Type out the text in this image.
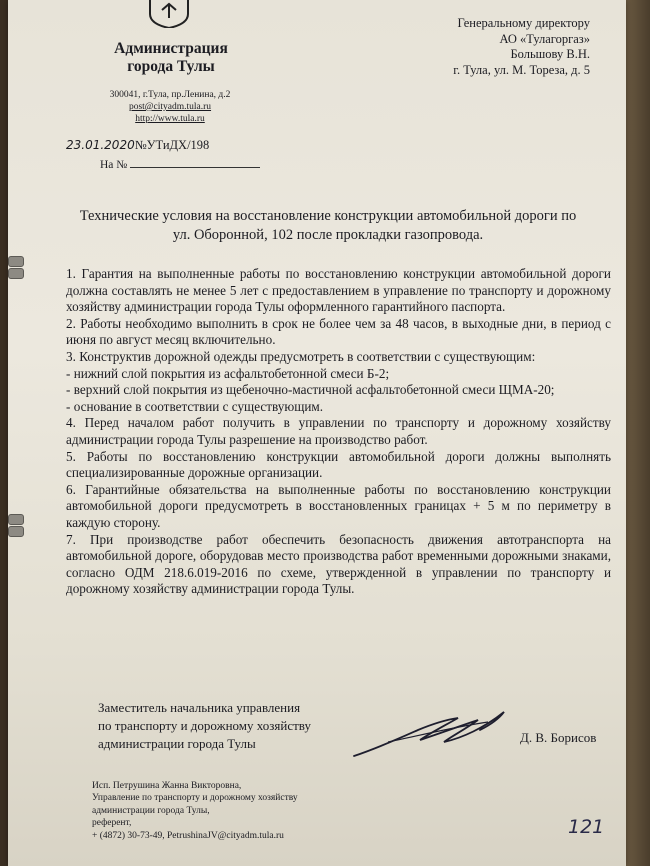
Администрация
города Тулы
300041, г.Тула, пр.Ленина, д.2
post@cityadm.tula.ru
http://www.tula.ru
Генеральному директору
АО «Тулагоргаз»
Большову В.Н.
г. Тула, ул. М. Тореза, д. 5
23.01.2020№УТиДХ/198
На №
Технические условия на восстановление конструкции автомобильной дороги по
ул. Оборонной, 102 после прокладки газопровода.

1. Гарантия на выполненные работы по восстановлению конструкции автомобильной дороги должна составлять не менее 5 лет с предоставлением в управление по транспорту и дорожному хозяйству администрации города Тулы оформленного гарантийного паспорта.

2. Работы необходимо выполнить в срок не более чем за 48 часов, в выходные дни, в период с июня по август месяц включительно.

3. Конструктив дорожной одежды предусмотреть в соответствии с существующим:

- нижний слой покрытия из асфальтобетонной смеси Б-2;

- верхний слой покрытия из щебеночно-мастичной асфальтобетонной смеси ЩМА-20;

- основание в соответствии с существующим.

4. Перед началом работ получить в управлении по транспорту и дорожному хозяйству администрации города Тулы разрешение на производство работ.

5. Работы по восстановлению конструкции автомобильной дороги должны выполнять специализированные дорожные организации.

6. Гарантийные обязательства на выполненные работы по восстановлению конструкции автомобильной дороги предусмотреть в восстановленных границах + 5 м по периметру в каждую сторону.

7. При производстве работ обеспечить безопасность движения автотранспорта на автомобильной дороге, оборудовав место производства работ временными дорожными знаками, согласно ОДМ 218.6.019-2016 по схеме, утвержденной в управлении по транспорту и дорожному хозяйству администрации города Тулы.

Заместитель начальника управления
по транспорту и дорожному хозяйству
администрации города Тулы	Д. В. Борисов
Исп. Петрушина Жанна Викторовна,
Управление по транспорту и дорожному хозяйству
администрации города Тулы,
референт,
+ (4872) 30-73-49, PetrushinaJV@cityadm.tula.ru	121
